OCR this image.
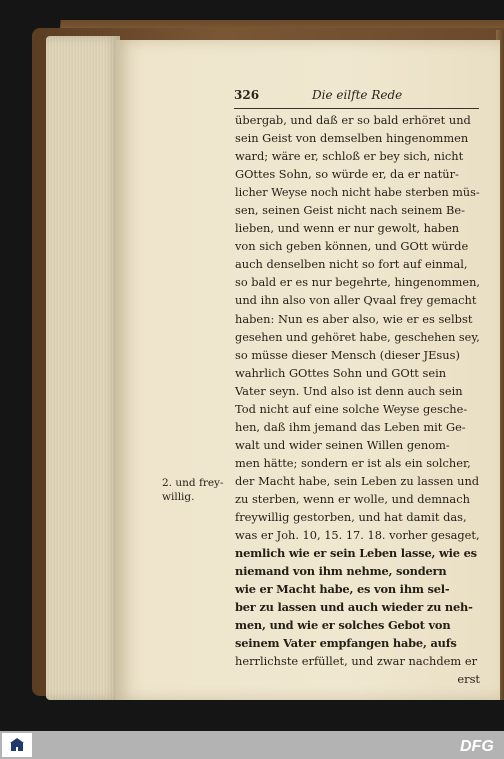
326	Die eilfte Rede
2. und frey-
willig.
übergab, und daß er so bald erhöret und
sein Geist von demselben hingenommen
ward; wäre er, schloß er bey sich, nicht
GOttes Sohn, so würde er, da er natür-
licher Weyse noch nicht habe sterben müs-
sen, seinen Geist nicht nach seinem Be-
lieben, und wenn er nur gewolt, haben
von sich geben können, und GOtt würde
auch denselben nicht so fort auf einmal,
so bald er es nur begehrte, hingenommen,
und ihn also von aller Qvaal frey gemacht
haben: Nun es aber also, wie er es selbst
gesehen und gehöret habe, geschehen sey,
so müsse dieser Mensch (dieser JEsus)
wahrlich GOttes Sohn und GOtt sein
Vater seyn. Und also ist denn auch sein
Tod nicht auf eine solche Weyse gesche-
hen, daß ihm jemand das Leben mit Ge-
walt und wider seinen Willen genom-
men hätte; sondern er ist als ein solcher,
der Macht habe, sein Leben zu lassen und
zu sterben, wenn er wolle, und demnach
freywillig gestorben, und hat damit das,
was er Joh. 10, 15. 17. 18. vorher gesaget,
nemlich wie er sein Leben lasse, wie es
niemand von ihm nehme, sondern
wie er Macht habe, es von ihm sel-
ber zu lassen und auch wieder zu neh-
men, und wie er solches Gebot von
seinem Vater empfangen habe, aufs
herrlichste erfüllet, und zwar nachdem er
erst
DFG
